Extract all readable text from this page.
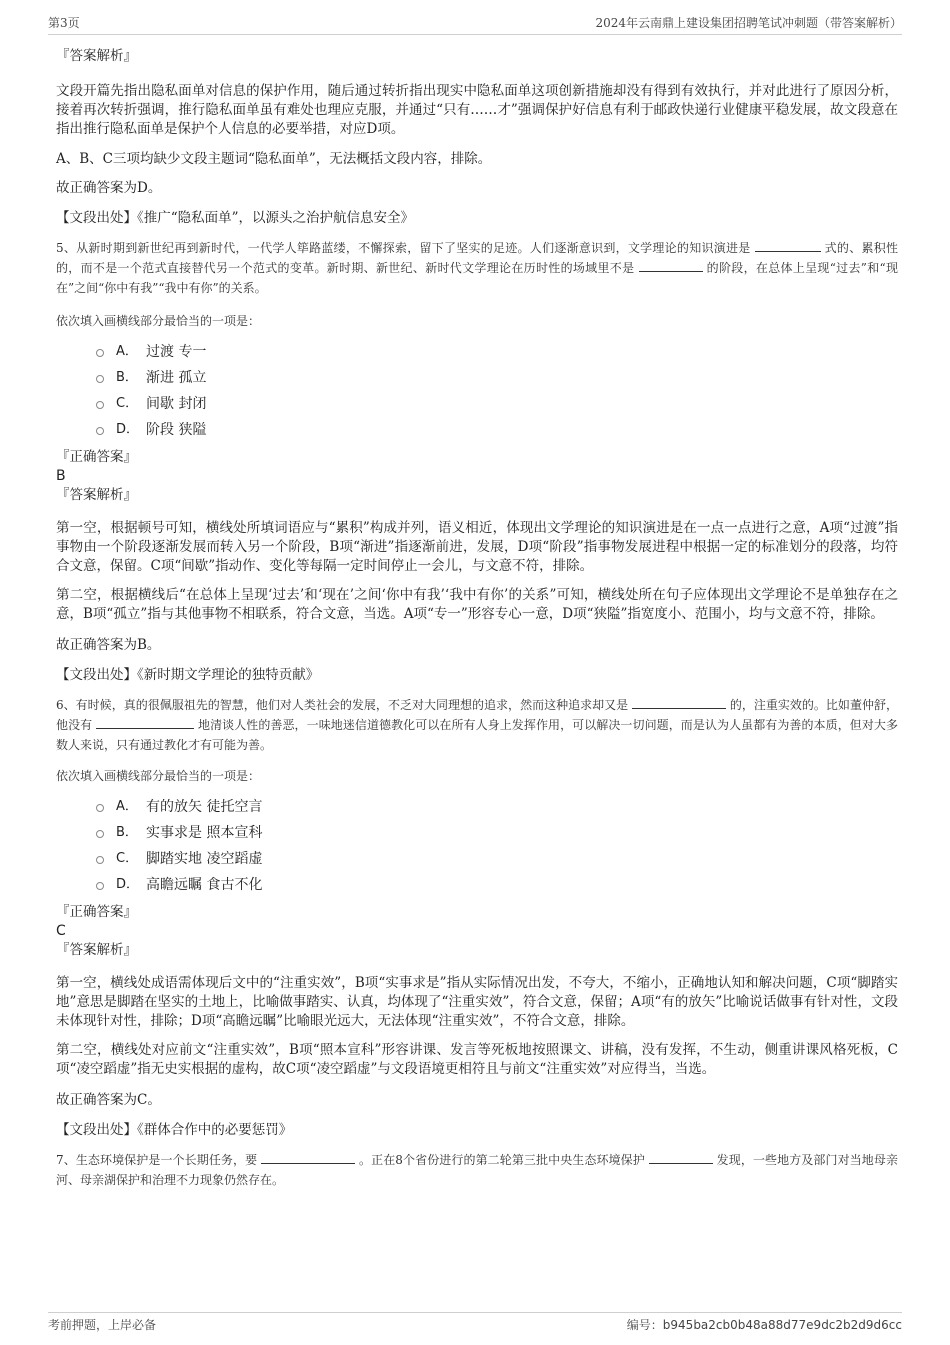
第3页	2024年云南鼎上建设集团招聘笔试冲刺题（带答案解析）

『答案解析』

文段开篇先指出隐私面单对信息的保护作用，随后通过转折指出现实中隐私面单这项创新措施却没有得到有效执行，并对此进行了原因分析，接着再次转折强调，推行隐私面单虽有难处也理应克服，并通过“只有……才”强调保护好信息有利于邮政快递行业健康平稳发展，故文段意在指出推行隐私面单是保护个人信息的必要举措，对应D项。

A、B、C三项均缺少文段主题词“隐私面单”，无法概括文段内容，排除。

故正确答案为D。

【文段出处】《推广“隐私面单”，以源头之治护航信息安全》

5、从新时期到新世纪再到新时代，一代学人筚路蓝缕，不懈探索，留下了坚实的足迹。人们逐渐意识到，文学理论的知识演进是	式的、累积性的，而不是一个范式直接替代另一个范式的变革。新时期、新世纪、新时代文学理论在历时性的场域里不是	的阶段，在总体上呈现“过去”和“现在”之间“你中有我”“我中有你”的关系。

依次填入画横线部分最恰当的一项是：

A． 过渡 专一
B． 渐进 孤立
C． 间歇 封闭
D． 阶段 狭隘

『正确答案』

B

『答案解析』

第一空，根据顿号可知，横线处所填词语应与“累积”构成并列，语义相近，体现出文学理论的知识演进是在一点一点进行之意，A项“过渡”指事物由一个阶段逐渐发展而转入另一个阶段，B项“渐进”指逐渐前进，发展，D项“阶段”指事物发展进程中根据一定的标准划分的段落，均符合文意，保留。C项“间歇”指动作、变化等每隔一定时间停止一会儿，与文意不符，排除。

第二空，根据横线后“在总体上呈现‘过去’和‘现在’之间‘你中有我’‘我中有你’的关系”可知，横线处所在句子应体现出文学理论不是单独存在之意，B项“孤立”指与其他事物不相联系，符合文意，当选。A项“专一”形容专心一意，D项“狭隘”指宽度小、范围小，均与文意不符，排除。

故正确答案为B。

【文段出处】《新时期文学理论的独特贡献》

6、有时候，真的很佩服祖先的智慧，他们对人类社会的发展，不乏对大同理想的追求，然而这种追求却又是	的，注重实效的。比如董仲舒，他没有	地清谈人性的善恶，一味地迷信道德教化可以在所有人身上发挥作用，可以解决一切问题，而是认为人虽都有为善的本质，但对大多数人来说，只有通过教化才有可能为善。

依次填入画横线部分最恰当的一项是：

A． 有的放矢 徒托空言
B． 实事求是 照本宣科
C． 脚踏实地 凌空蹈虚
D． 高瞻远瞩 食古不化

『正确答案』

C

『答案解析』

第一空，横线处成语需体现后文中的“注重实效”，B项“实事求是”指从实际情况出发，不夸大，不缩小，正确地认知和解决问题，C项“脚踏实地”意思是脚踏在坚实的土地上，比喻做事踏实、认真，均体现了“注重实效”，符合文意，保留；A项“有的放矢”比喻说话做事有针对性，文段未体现针对性，排除；D项“高瞻远瞩”比喻眼光远大，无法体现“注重实效”，不符合文意，排除。

第二空，横线处对应前文“注重实效”，B项“照本宣科”形容讲课、发言等死板地按照课文、讲稿，没有发挥，不生动，侧重讲课风格死板，C项“凌空蹈虚”指无史实根据的虚构，故C项“凌空蹈虚”与文段语境更相符且与前文“注重实效”对应得当，当选。

故正确答案为C。

【文段出处】《群体合作中的必要惩罚》

7、生态环境保护是一个长期任务，要	。正在8个省份进行的第二轮第三批中央生态环境保护	发现，一些地方及部门对当地母亲河、母亲湖保护和治理不力现象仍然存在。

考前押题，上岸必备	编号：b945ba2cb0b48a88d77e9dc2b2d9d6cc
